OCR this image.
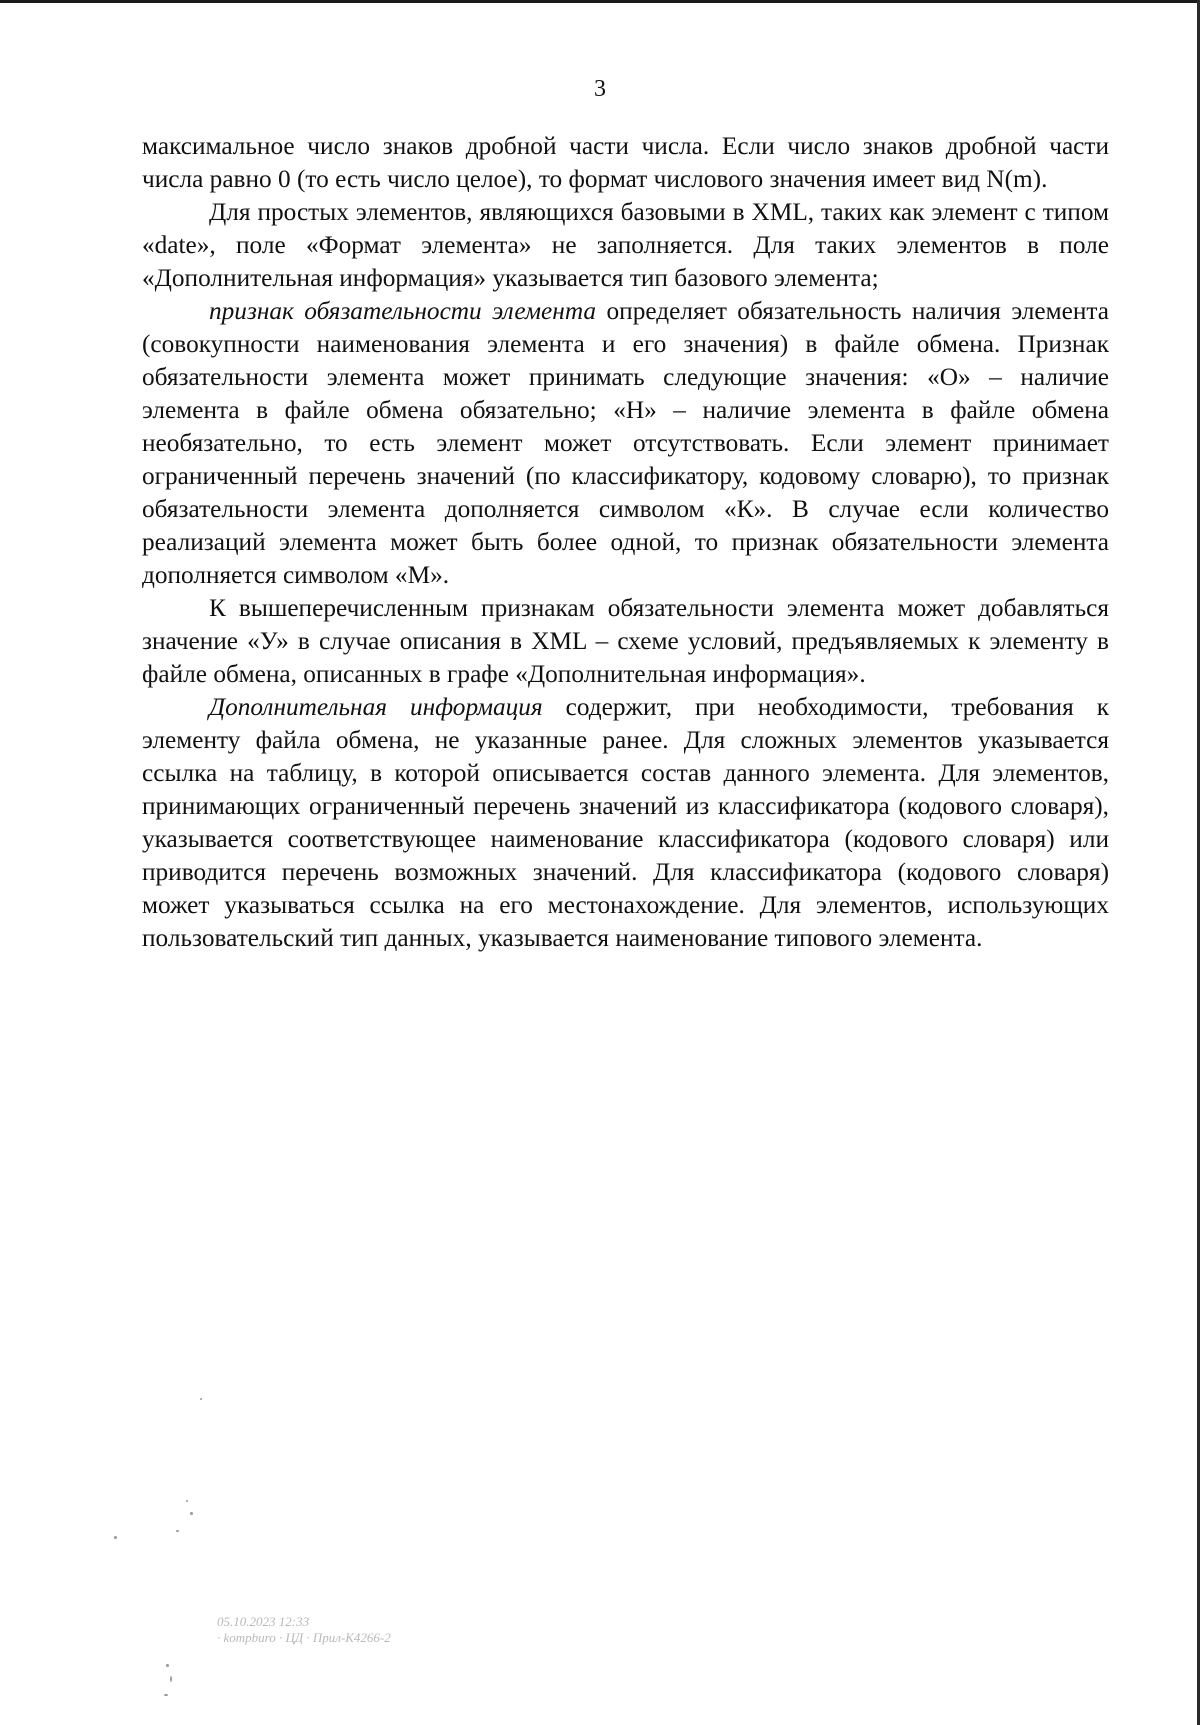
3

максимальное число знаков дробной части числа. Если число знаков дробной части числа равно 0 (то есть число целое), то формат числового значения имеет вид N(m).

Для простых элементов, являющихся базовыми в XML, таких как элемент с типом «date», поле «Формат элемента» не заполняется. Для таких элементов в поле «Дополнительная информация» указывается тип базового элемента;

признак обязательности элемента определяет обязательность наличия элемента (совокупности наименования элемента и его значения) в файле обмена. Признак обязательности элемента может принимать следующие значения: «О» – наличие элемента в файле обмена обязательно; «Н» – наличие элемента в файле обмена необязательно, то есть элемент может отсутствовать. Если элемент принимает ограниченный перечень значений (по классификатору, кодовому словарю), то признак обязательности элемента дополняется символом «К». В случае если количество реализаций элемента может быть более одной, то признак обязательности элемента дополняется символом «М».

К вышеперечисленным признакам обязательности элемента может добавляться значение «У» в случае описания в XML – схеме условий, предъявляемых к элементу в файле обмена, описанных в графе «Дополнительная информация».

Дополнительная информация содержит, при необходимости, требования к элементу файла обмена, не указанные ранее. Для сложных элементов указывается ссылка на таблицу, в которой описывается состав данного элемента. Для элементов, принимающих ограниченный перечень значений из классификатора (кодового словаря), указывается соответствующее наименование классификатора (кодового словаря) или приводится перечень возможных значений. Для классификатора (кодового словаря) может указываться ссылка на его местонахождение. Для элементов, использующих пользовательский тип данных, указывается наименование типового элемента.

05.10.2023 12:33
· kompburo · ЦД · Прил-К4266-2
